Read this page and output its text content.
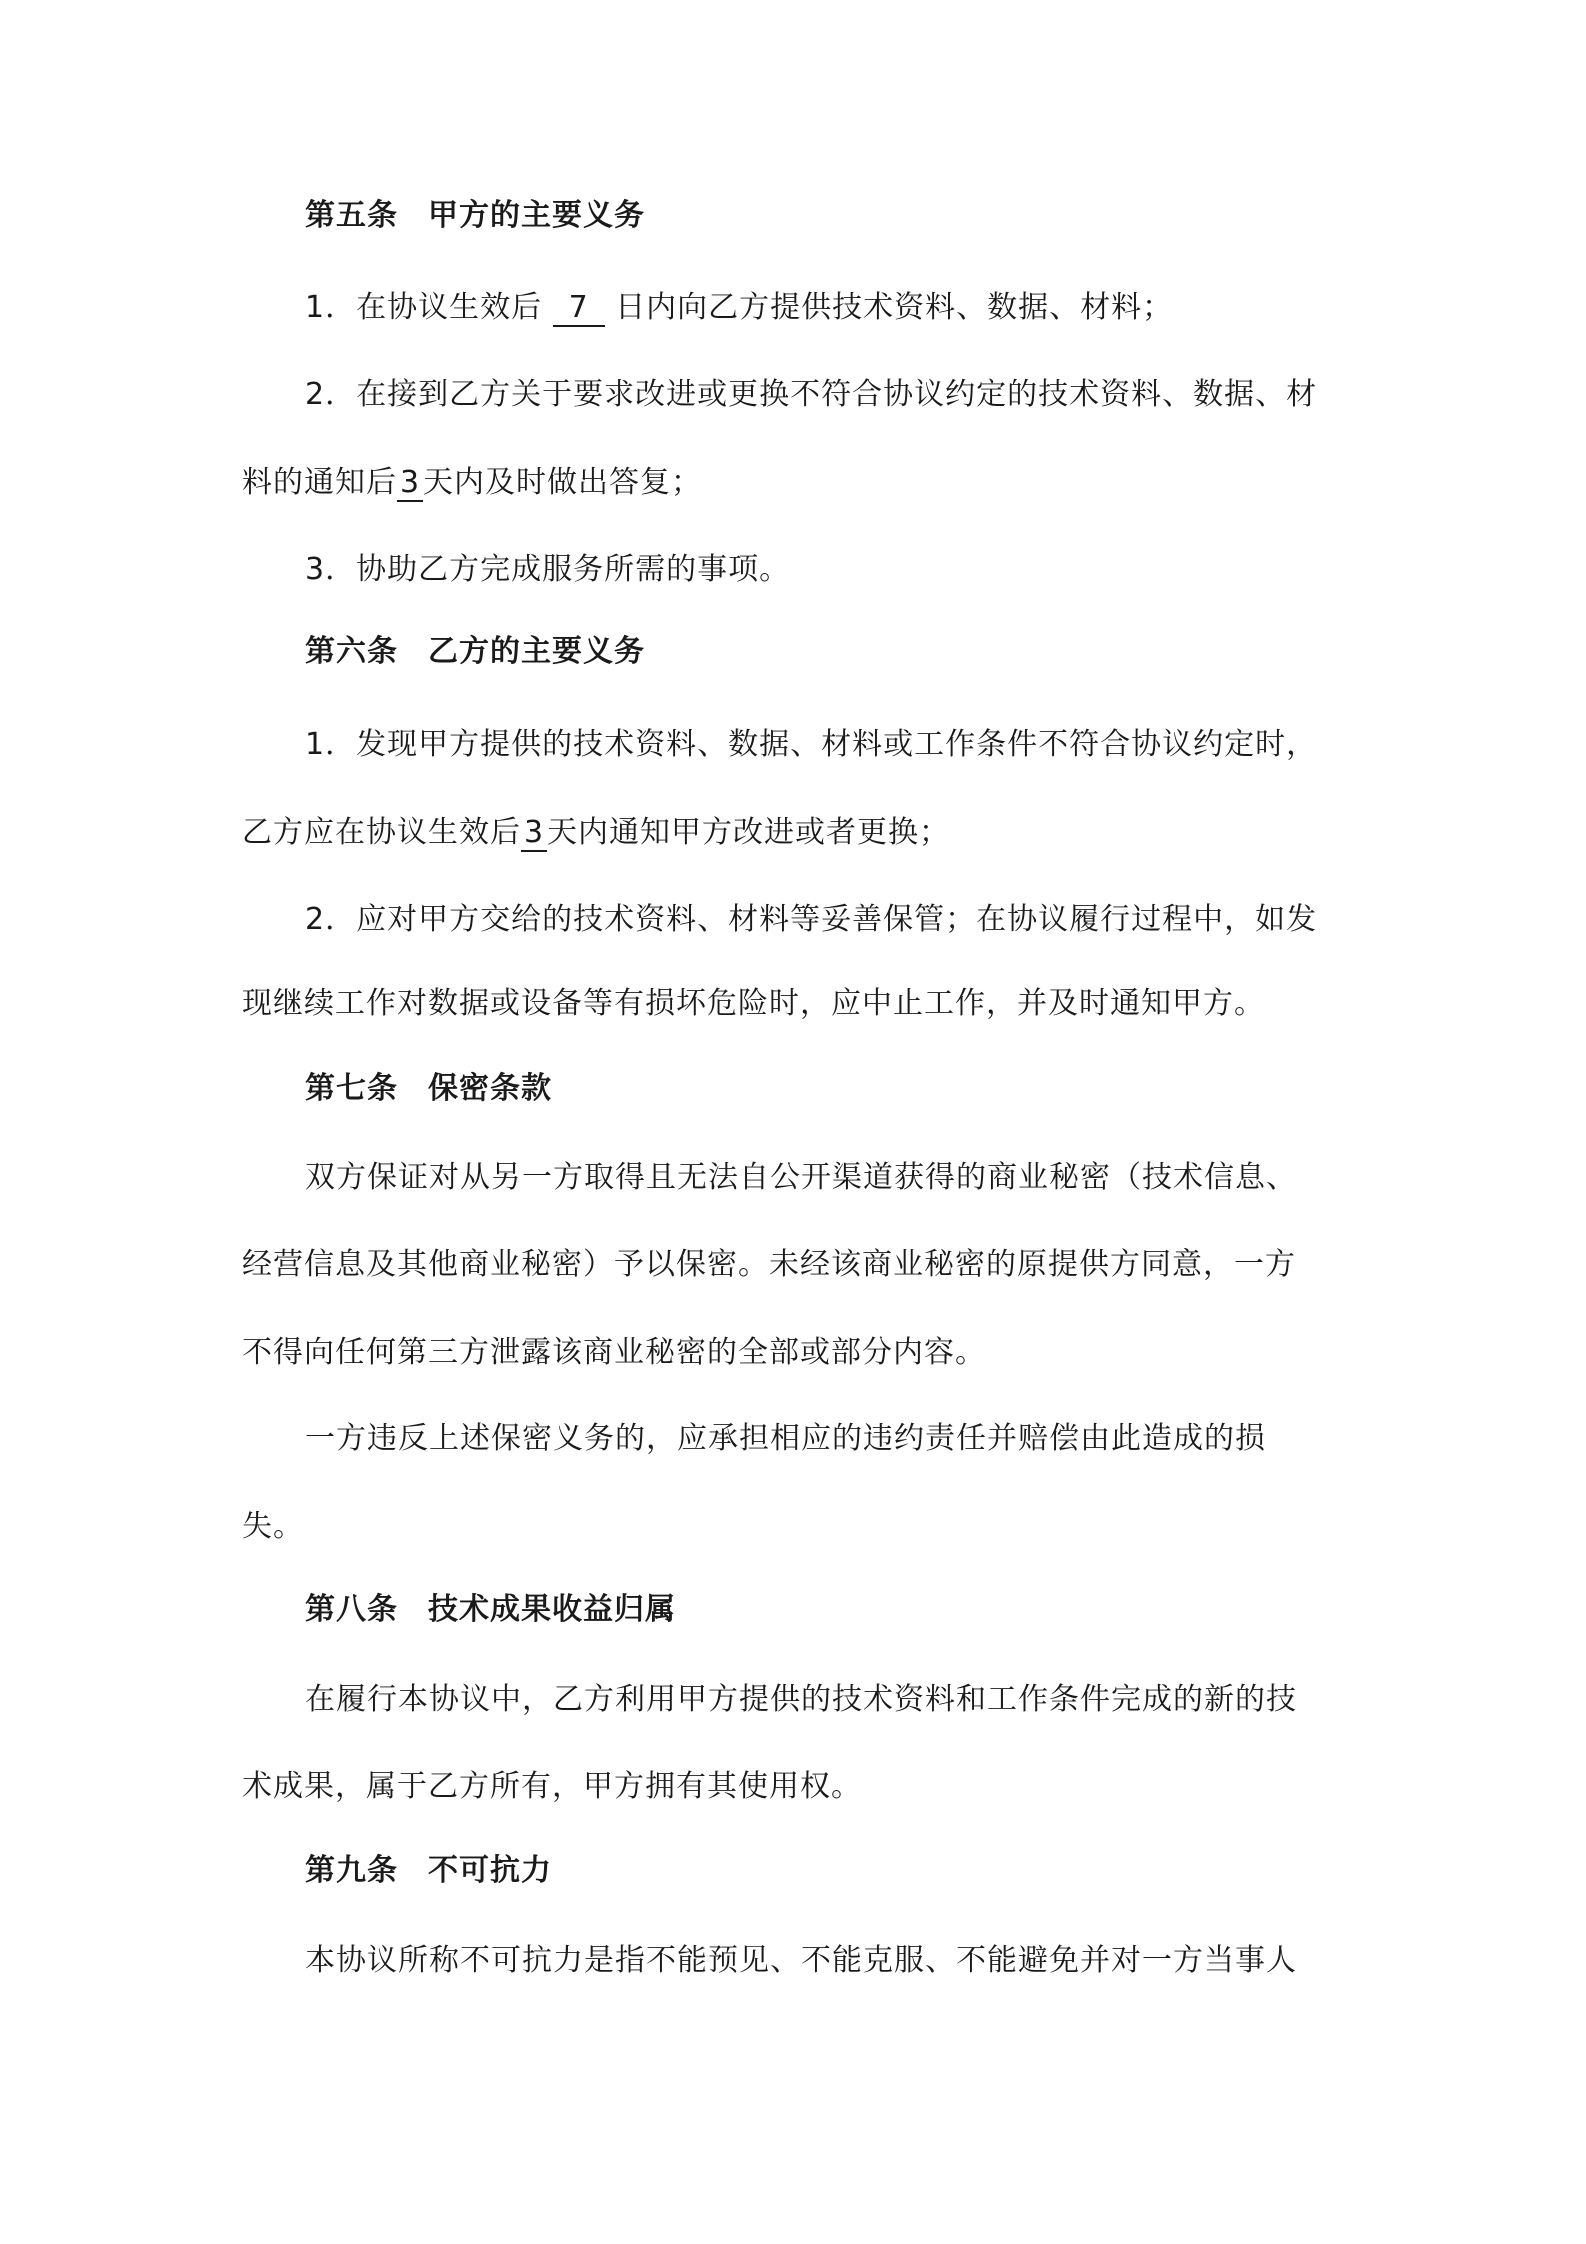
第五条 甲方的主要义务
1．在协议生效后 7 日内向乙方提供技术资料、数据、材料；
2．在接到乙方关于要求改进或更换不符合协议约定的技术资料、数据、材
料的通知后3天内及时做出答复；
3．协助乙方完成服务所需的事项。
第六条 乙方的主要义务
1．发现甲方提供的技术资料、数据、材料或工作条件不符合协议约定时，
乙方应在协议生效后3天内通知甲方改进或者更换；
2．应对甲方交给的技术资料、材料等妥善保管；在协议履行过程中，如发
现继续工作对数据或设备等有损坏危险时，应中止工作，并及时通知甲方。
第七条 保密条款
双方保证对从另一方取得且无法自公开渠道获得的商业秘密（技术信息、
经营信息及其他商业秘密）予以保密。未经该商业秘密的原提供方同意，一方
不得向任何第三方泄露该商业秘密的全部或部分内容。
一方违反上述保密义务的，应承担相应的违约责任并赔偿由此造成的损
失。
第八条 技术成果收益归属
在履行本协议中，乙方利用甲方提供的技术资料和工作条件完成的新的技
术成果，属于乙方所有，甲方拥有其使用权。
第九条 不可抗力
本协议所称不可抗力是指不能预见、不能克服、不能避免并对一方当事人
